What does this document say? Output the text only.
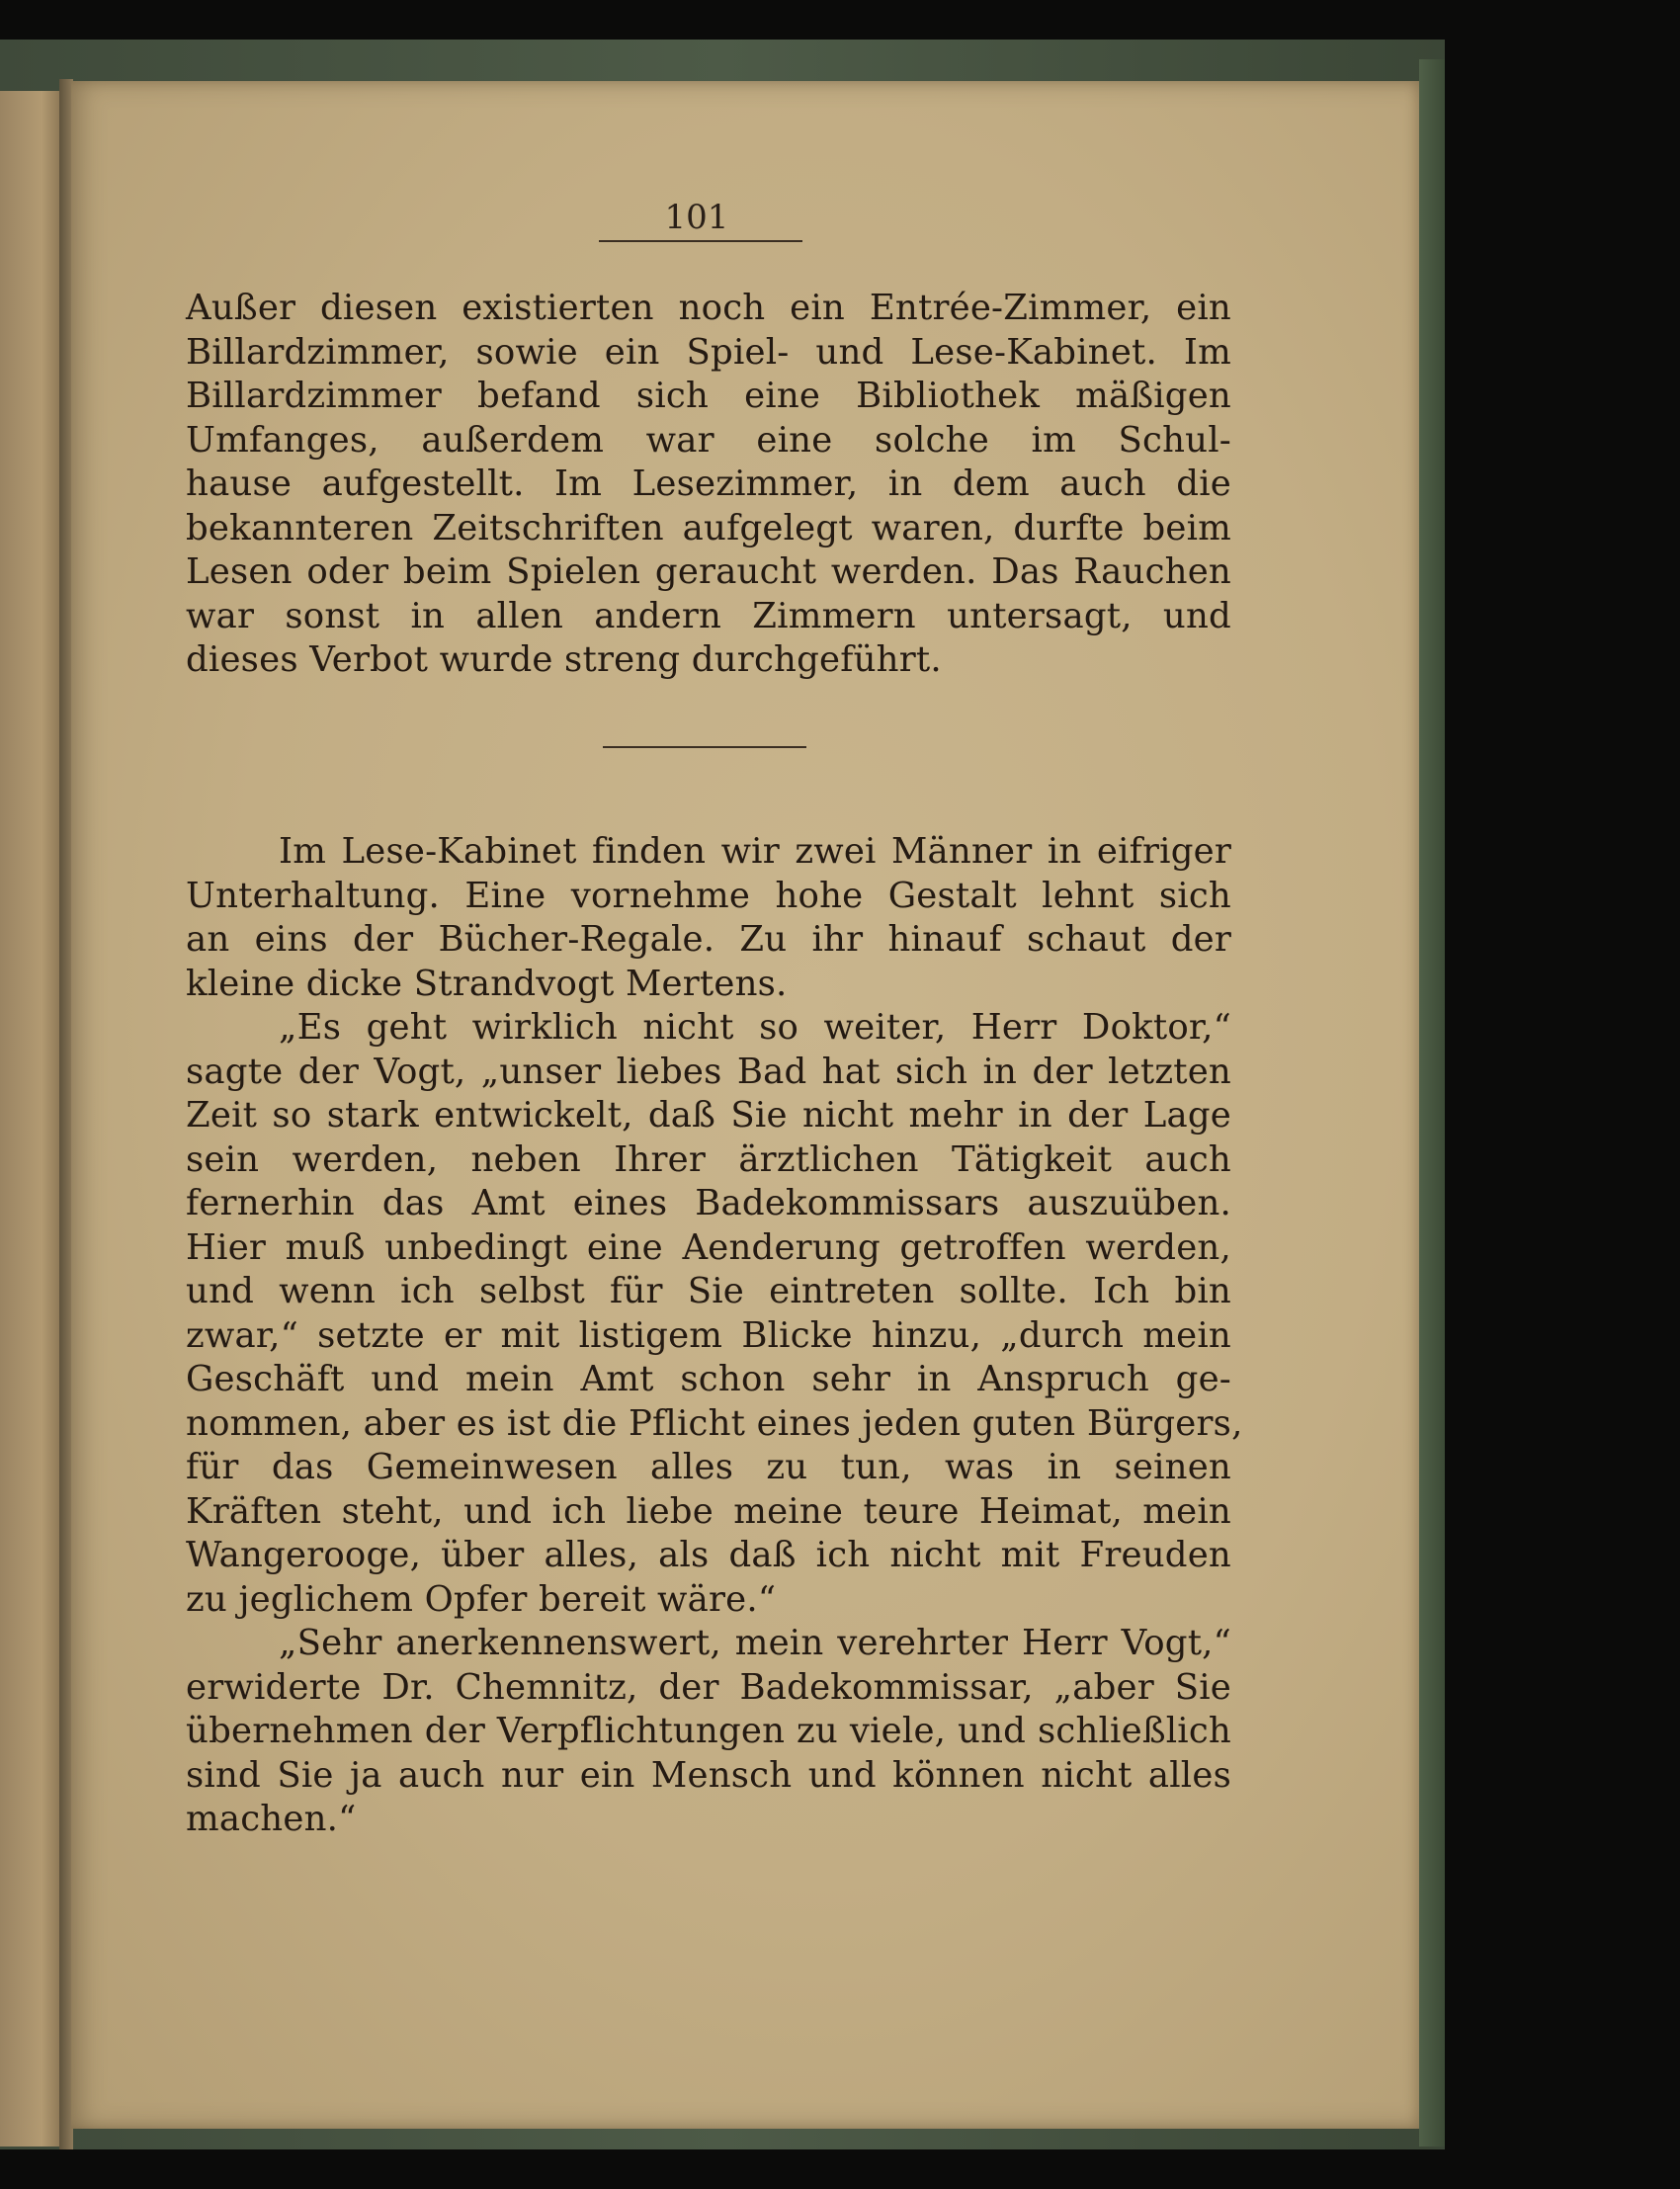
101

Außer diesen existierten noch ein Entrée-Zimmer, ein

Billardzimmer, sowie ein Spiel- und Lese-Kabinet. Im

Billardzimmer befand sich eine Bibliothek mäßigen

Umfanges, außerdem war eine solche im Schul-

hause aufgestellt. Im Lesezimmer, in dem auch die

bekannteren Zeitschriften aufgelegt waren, durfte beim

Lesen oder beim Spielen geraucht werden. Das Rauchen

war sonst in allen andern Zimmern untersagt, und

dieses Verbot wurde streng durchgeführt.

Im Lese-Kabinet finden wir zwei Männer in eifriger

Unterhaltung. Eine vornehme hohe Gestalt lehnt sich

an eins der Bücher-Regale. Zu ihr hinauf schaut der

kleine dicke Strandvogt Mertens.

„Es geht wirklich nicht so weiter, Herr Doktor,“

sagte der Vogt, „unser liebes Bad hat sich in der letzten

Zeit so stark entwickelt, daß Sie nicht mehr in der Lage

sein werden, neben Ihrer ärztlichen Tätigkeit auch

fernerhin das Amt eines Badekommissars auszuüben.

Hier muß unbedingt eine Aenderung getroffen werden,

und wenn ich selbst für Sie eintreten sollte. Ich bin

zwar,“ setzte er mit listigem Blicke hinzu, „durch mein

Geschäft und mein Amt schon sehr in Anspruch ge-

nommen, aber es ist die Pflicht eines jeden guten Bürgers,

für das Gemeinwesen alles zu tun, was in seinen

Kräften steht, und ich liebe meine teure Heimat, mein

Wangerooge, über alles, als daß ich nicht mit Freuden

zu jeglichem Opfer bereit wäre.“

„Sehr anerkennenswert, mein verehrter Herr Vogt,“

erwiderte Dr. Chemnitz, der Badekommissar, „aber Sie

übernehmen der Verpflichtungen zu viele, und schließlich

sind Sie ja auch nur ein Mensch und können nicht alles

machen.“
